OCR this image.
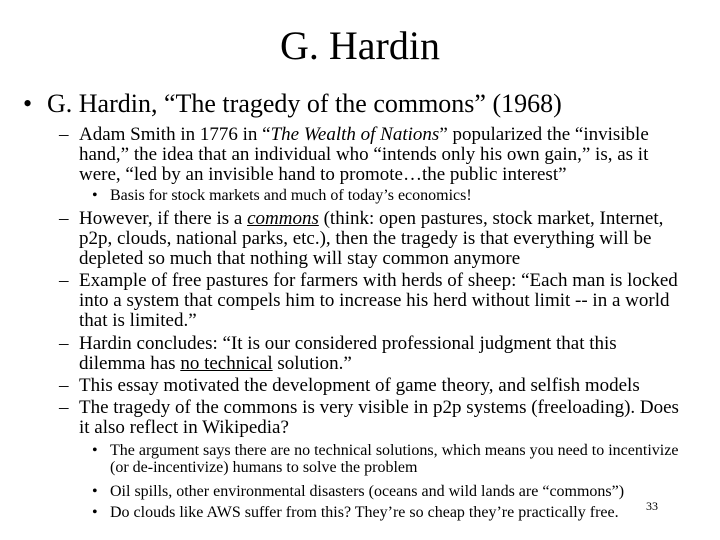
G. Hardin
• G. Hardin, “The tragedy of the commons” (1968)
– Adam Smith in 1776 in “The Wealth of Nations” popularized the “invisible hand,” the idea that an individual who “intends only his own gain,” is, as it were, “led by an invisible hand to promote…the public interest”
• Basis for stock markets and much of today’s economics!
– However, if there is a commons (think: open pastures, stock market, Internet, p2p, clouds, national parks, etc.), then the tragedy is that everything will be depleted so much that nothing will stay common anymore
– Example of free pastures for farmers with herds of sheep: “Each man is locked into a system that compels him to increase his herd without limit -- in a world that is limited.”
– Hardin concludes: “It is our considered professional judgment that this dilemma has no technical solution.”
– This essay motivated the development of game theory, and selfish models
– The tragedy of the commons is very visible in p2p systems (freeloading). Does it also reflect in Wikipedia?
• The argument says there are no technical solutions, which means you need to incentivize (or de-incentivize) humans to solve the problem
• Oil spills, other environmental disasters (oceans and wild lands are “commons”)
• Do clouds like AWS suffer from this? They’re so cheap they’re practically free.	33
